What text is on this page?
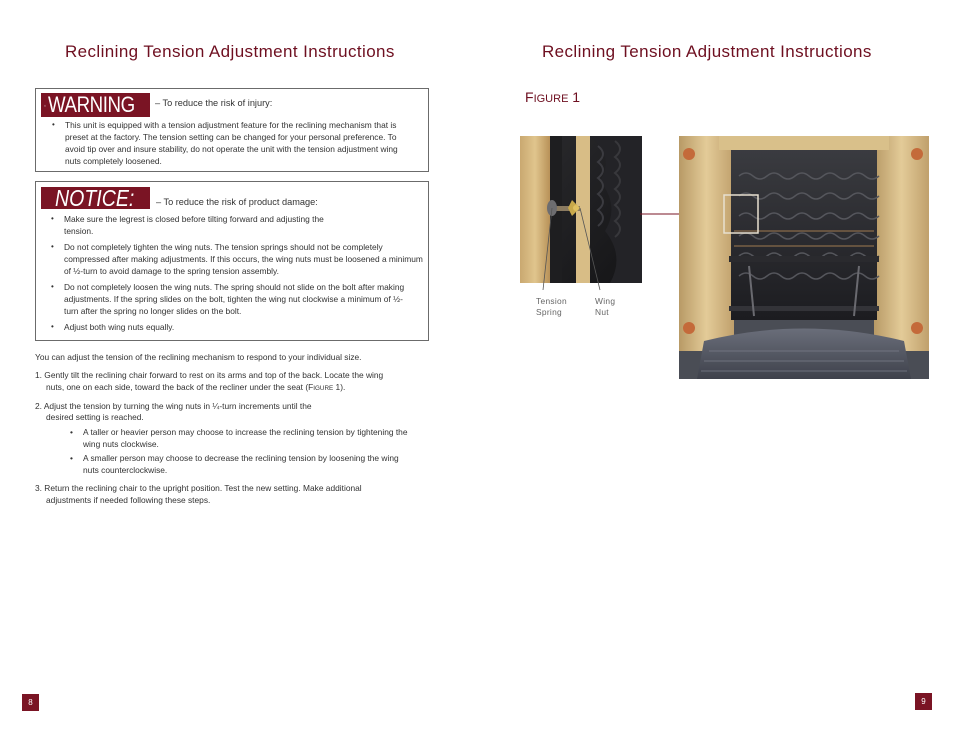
Reclining Tension Adjustment Instructions
WARNING – To reduce the risk of injury:
• This unit is equipped with a tension adjustment feature for the reclining mechanism that is preset at the factory. The tension setting can be changed for your personal preference. To avoid tip over and insure stability, do not operate the unit with the tension adjustment wing nuts completely loosened.
NOTICE:	– To reduce the risk of product damage:
• Make sure the legrest is closed before tilting forward and adjusting the tension.
• Do not completely tighten the wing nuts. The tension springs should not be completely compressed after making adjustments. If this occurs, the wing nuts must be loosened a minimum of ½-turn to avoid damage to the spring tension assembly.
• Do not completely loosen the wing nuts. The spring should not slide on the bolt after making adjustments. If the spring slides on the bolt, tighten the wing nut clockwise a minimum of ½-turn after the spring no longer slides on the bolt.
• Adjust both wing nuts equally.
You can adjust the tension of the reclining mechanism to respond to your individual size.
1. Gently tilt the reclining chair forward to rest on its arms and top of the back. Locate the wing
nuts, one on each side, toward the back of the recliner under the seat (FIGURE 1).
2. Adjust the tension by turning the wing nuts in ¼-turn increments until the
desired setting is reached.
• A taller or heavier person may choose to increase the reclining tension by tightening the
wing nuts clockwise.
• A smaller person may choose to decrease the reclining tension by loosening the wing
nuts counterclockwise.
3. Return the reclining chair to the upright position. Test the new setting. Make additional
adjustments if needed following these steps.
8
Reclining Tension Adjustment Instructions
FIGURE 1
Tension
Spring
Wing
Nut
9
